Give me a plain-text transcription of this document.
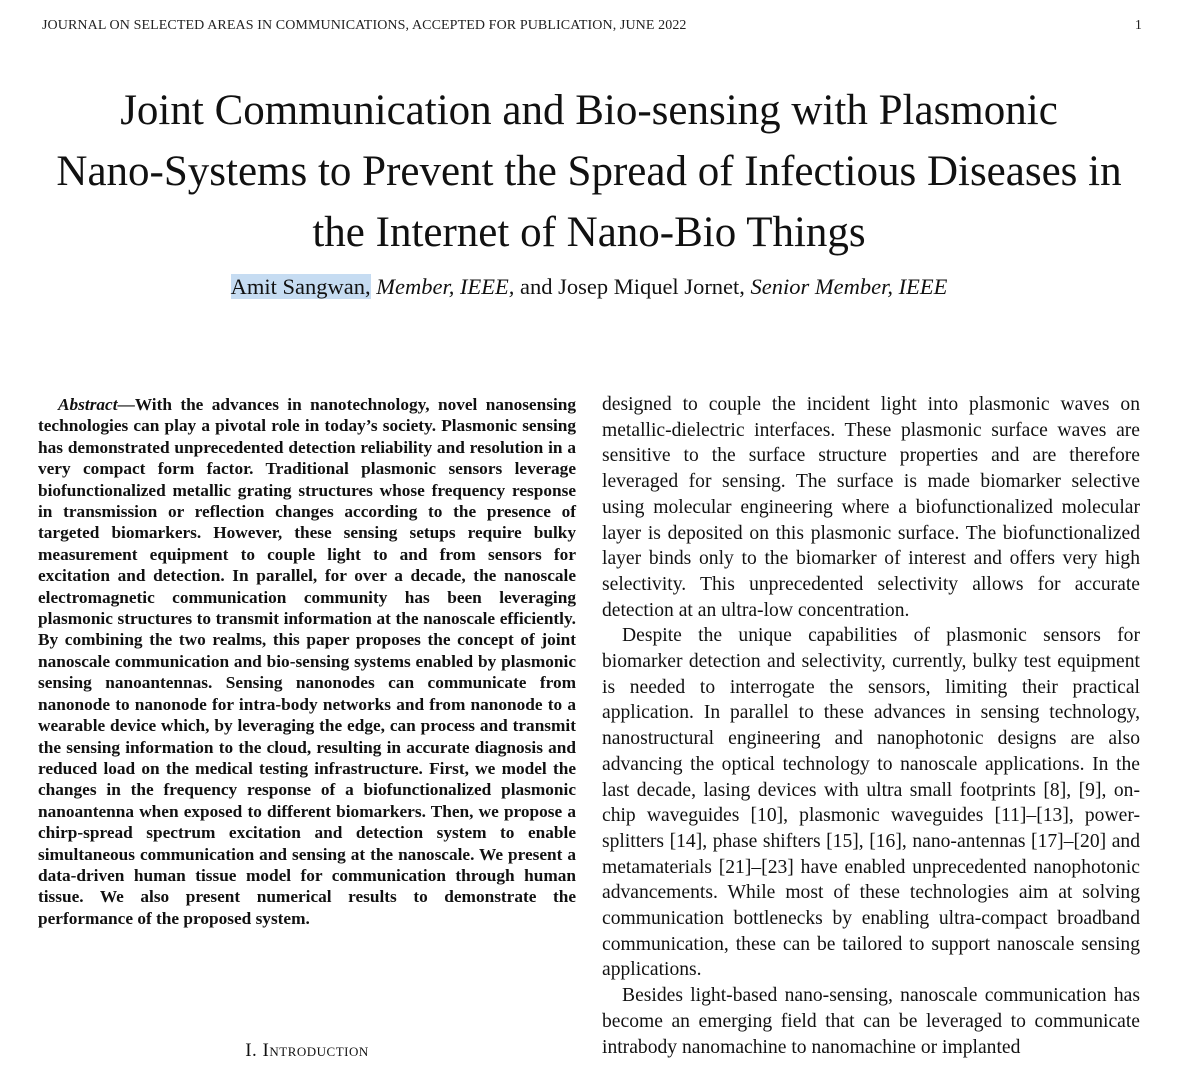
JOURNAL ON SELECTED AREAS IN COMMUNICATIONS, ACCEPTED FOR PUBLICATION, JUNE 2022	1
Joint Communication and Bio-sensing with Plasmonic
Nano-Systems to Prevent the Spread of Infectious Diseases in
the Internet of Nano-Bio Things
Amit Sangwan, Member, IEEE, and Josep Miquel Jornet, Senior Member, IEEE

Abstract—With the advances in nanotechnology, novel nanosensing technologies can play a pivotal role in today’s society. Plasmonic sensing has demonstrated unprecedented detection reliability and resolution in a very compact form factor. Traditional plasmonic sensors leverage biofunctionalized metallic grating structures whose frequency response in transmission or reflection changes according to the presence of targeted biomarkers. However, these sensing setups require bulky measurement equipment to couple light to and from sensors for excitation and detection. In parallel, for over a decade, the nanoscale electromagnetic communication community has been leveraging plasmonic structures to transmit information at the nanoscale efficiently. By combining the two realms, this paper proposes the concept of joint nanoscale communication and bio-sensing systems enabled by plasmonic sensing nanoantennas. Sensing nanonodes can communicate from nanonode to nanonode for intra-body networks and from nanonode to a wearable device which, by leveraging the edge, can process and transmit the sensing information to the cloud, resulting in accurate diagnosis and reduced load on the medical testing infrastructure. First, we model the changes in the frequency response of a biofunctionalized plasmonic nanoantenna when exposed to different biomarkers. Then, we propose a chirp-spread spectrum excitation and detection system to enable simultaneous communication and sensing at the nanoscale. We present a data-driven human tissue model for communication through human tissue. We also present numerical results to demonstrate the performance of the proposed system.

I. Introduction

designed to couple the incident light into plasmonic waves on metallic-dielectric interfaces. These plasmonic surface waves are sensitive to the surface structure properties and are therefore leveraged for sensing. The surface is made biomarker selective using molecular engineering where a biofunctionalized molecular layer is deposited on this plasmonic surface. The biofunctionalized layer binds only to the biomarker of interest and offers very high selectivity. This unprecedented selectivity allows for accurate detection at an ultra-low concentration.

Despite the unique capabilities of plasmonic sensors for biomarker detection and selectivity, currently, bulky test equipment is needed to interrogate the sensors, limiting their practical application. In parallel to these advances in sensing technology, nanostructural engineering and nanophotonic designs are also advancing the optical technology to nanoscale applications. In the last decade, lasing devices with ultra small footprints [8], [9], on-chip waveguides [10], plasmonic waveguides [11]–[13], power-splitters [14], phase shifters [15], [16], nano-antennas [17]–[20] and metamaterials [21]–[23] have enabled unprecedented nanophotonic advancements. While most of these technologies aim at solving communication bottlenecks by enabling ultra-compact broadband communication, these can be tailored to support nanoscale sensing applications.

Besides light-based nano-sensing, nanoscale communication has become an emerging field that can be leveraged to communicate intrabody nanomachine to nanomachine or implanted
